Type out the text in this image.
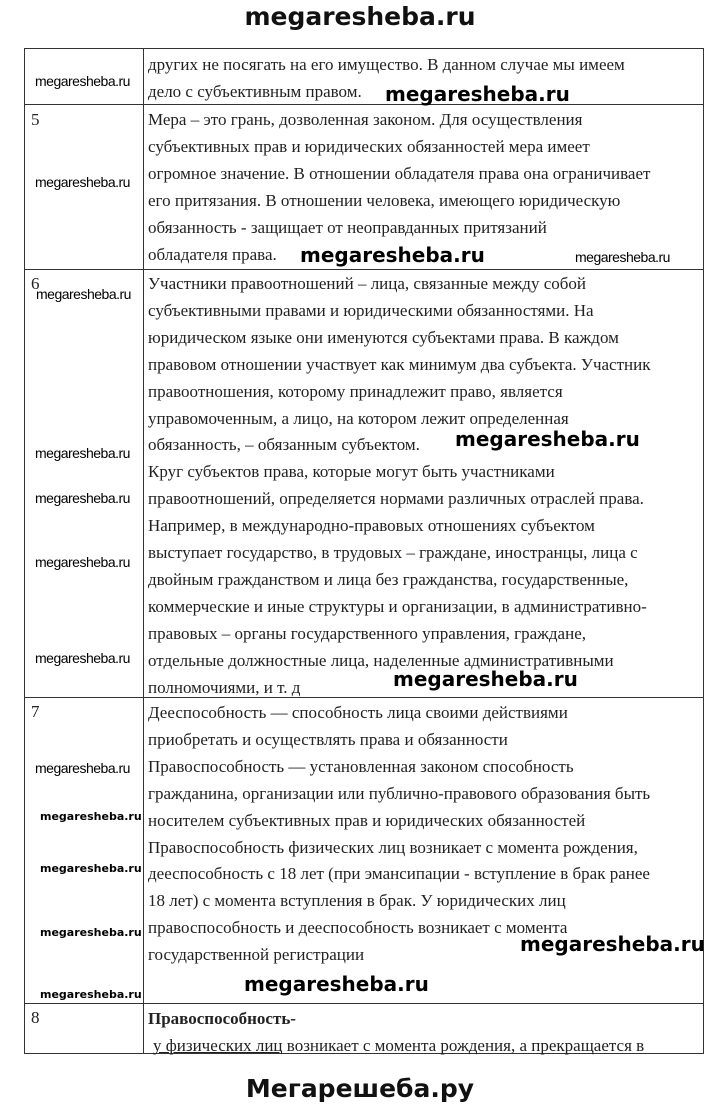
megaresheba.ru
других не посягать на его имущество. В данном случае мы имеем
дело с субъективным правом.
5	Мера – это грань, дозволенная законом. Для осуществления
субъективных прав и юридических обязанностей мера имеет
огромное значение. В отношении обладателя права она ограничивает
его притязания. В отношении человека, имеющего юридическую
обязанность - защищает от неоправданных притязаний
обладателя права.
6	Участники правоотношений – лица, связанные между собой
субъективными правами и юридическими обязанностями. На
юридическом языке они именуются субъектами права. В каждом
правовом отношении участвует как минимум два субъекта. Участник
правоотношения, которому принадлежит право, является
управомоченным, а лицо, на котором лежит определенная
обязанность, – обязанным субъектом.
Круг субъектов права, которые могут быть участниками
правоотношений, определяется нормами различных отраслей права.
Например, в международно-правовых отношениях субъектом
выступает государство, в трудовых – граждане, иностранцы, лица с
двойным гражданством и лица без гражданства, государственные,
коммерческие и иные структуры и организации, в административно-
правовых – органы государственного управления, граждане,
отдельные должностные лица, наделенные административными
полномочиями, и т. д
7	Дееспособность — способность лица своими действиями
приобретать и осуществлять права и обязанности
Правоспособность — установленная законом способность
гражданина, организации или публично-правового образования быть
носителем субъективных прав и юридических обязанностей
Правоспособность физических лиц возникает с момента рождения,
дееспособность с 18 лет (при эмансипации - вступление в брак ранее
18 лет) с момента вступления в брак. У юридических лиц
правоспособность и дееспособность возникает с момента
государственной регистрации
8	Правоспособность-
у физических лиц возникает с момента рождения, а прекращается в
megaresheba.ru
megaresheba.ru
megaresheba.ru
megaresheba.ru	megaresheba.ru
megaresheba.ru
megaresheba.ru
megaresheba.ru
megaresheba.ru
megaresheba.ru
megaresheba.ru
megaresheba.ru
megaresheba.ru
megaresheba.ru
megaresheba.ru
megaresheba.ru	megaresheba.ru
megaresheba.ru
megaresheba.ru
Мегарешеба.ру
